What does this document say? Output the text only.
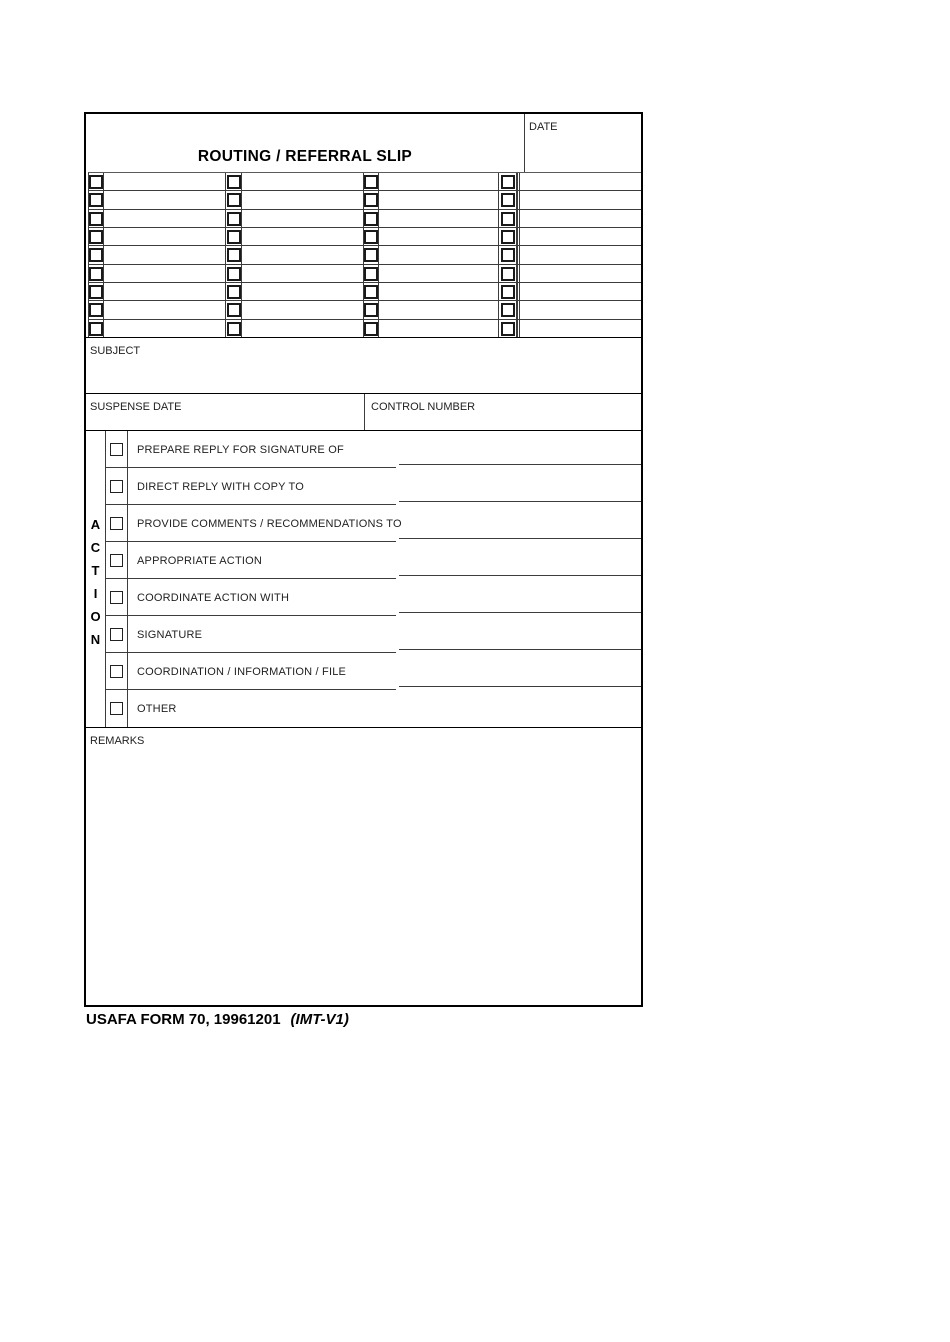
ROUTING / REFERRAL SLIP
DATE
SUBJECT
SUSPENSE DATE	CONTROL NUMBER
A
C
T
I
O
N
PREPARE REPLY FOR SIGNATURE OF
DIRECT REPLY WITH COPY TO
PROVIDE COMMENTS / RECOMMENDATIONS TO
APPROPRIATE ACTION
COORDINATE ACTION WITH
SIGNATURE
COORDINATION / INFORMATION / FILE
OTHER
REMARKS
USAFA FORM 70, 19961201 (IMT-V1)
